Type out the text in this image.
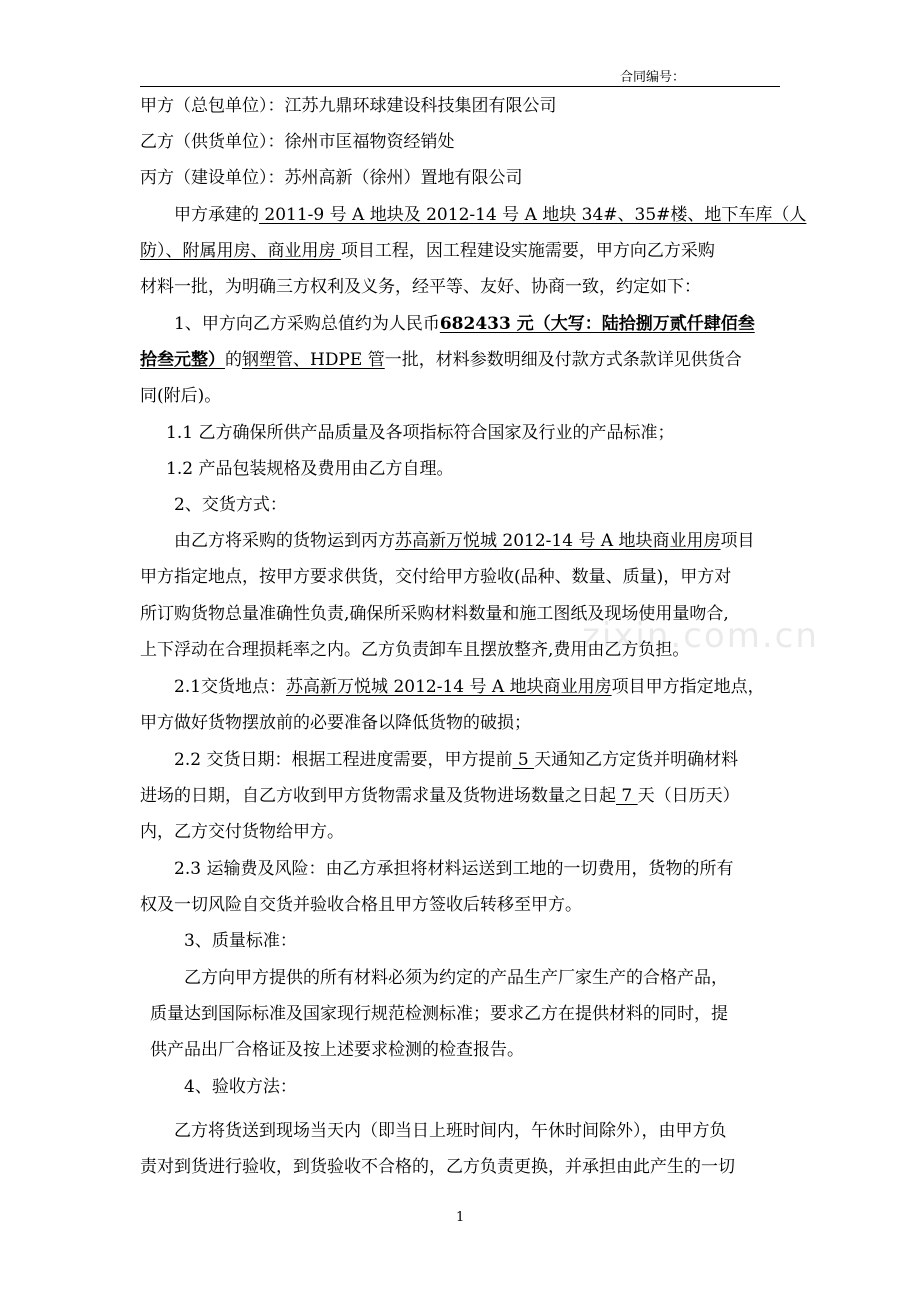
合同编号：
甲方（总包单位）：江苏九鼎环球建设科技集团有限公司
乙方（供货单位）：徐州市匡福物资经销处
丙方（建设单位）：苏州高新（徐州）置地有限公司
甲方承建的 2011-9 号 A 地块及 2012-14 号 A 地块 34#、35#楼、地下车库（人
防）、附属用房、商业用房 项目工程，因工程建设实施需要，甲方向乙方采购
材料一批，为明确三方权利及义务，经平等、友好、协商一致，约定如下：
1、甲方向乙方采购总值约为人民币682433 元（大写：陆拾捌万贰仟肆佰叁
拾叁元整）的钢塑管、HDPE 管一批，材料参数明细及付款方式条款详见供货合
同(附后)。
1.1 乙方确保所供产品质量及各项指标符合国家及行业的产品标准；
1.2 产品包装规格及费用由乙方自理。
2、交货方式：
由乙方将采购的货物运到丙方苏高新万悦城 2012-14 号 A 地块商业用房项目
甲方指定地点，按甲方要求供货，交付给甲方验收(品种、数量、质量)，甲方对
所订购货物总量准确性负责,确保所采购材料数量和施工图纸及现场使用量吻合,
上下浮动在合理损耗率之内。乙方负责卸车且摆放整齐,费用由乙方负担。
2.1交货地点：苏高新万悦城 2012-14 号 A 地块商业用房项目甲方指定地点，
甲方做好货物摆放前的必要准备以降低货物的破损；
2.2 交货日期：根据工程进度需要，甲方提前 5 天通知乙方定货并明确材料
进场的日期，自乙方收到甲方货物需求量及货物进场数量之日起 7 天（日历天）
内，乙方交付货物给甲方。
2.3 运输费及风险：由乙方承担将材料运送到工地的一切费用，货物的所有
权及一切风险自交货并验收合格且甲方签收后转移至甲方。
3、质量标准：
乙方向甲方提供的所有材料必须为约定的产品生产厂家生产的合格产品，
质量达到国际标准及国家现行规范检测标准；要求乙方在提供材料的同时，提
供产品出厂合格证及按上述要求检测的检查报告。
4、验收方法：
乙方将货送到现场当天内（即当日上班时间内，午休时间除外），由甲方负
责对到货进行验收，到货验收不合格的，乙方负责更换，并承担由此产生的一切
1
zixin.com.cn
